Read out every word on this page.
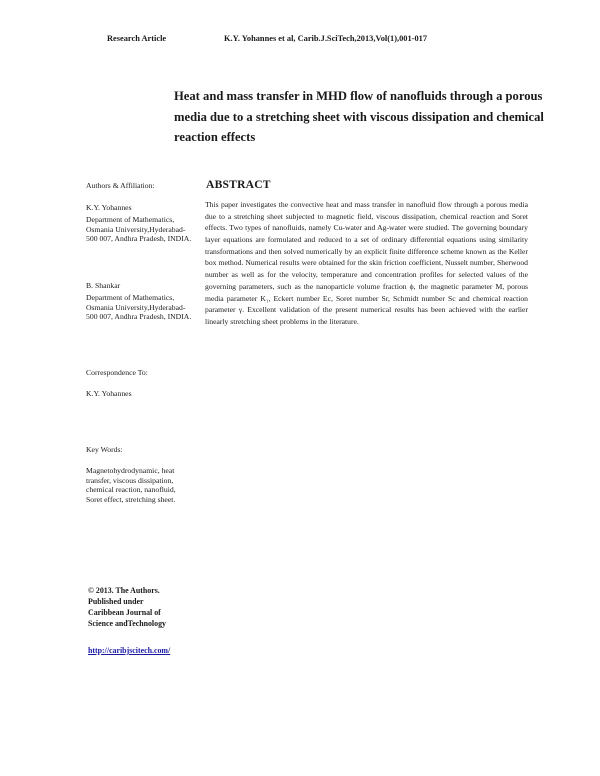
Research Article	K.Y. Yohannes et al, Carib.J.SciTech,2013,Vol(1),001-017
Heat and mass transfer in MHD flow of nanofluids through a porous media due to a stretching sheet with viscous dissipation and chemical reaction effects
Authors & Affiliation:
K.Y. Yohannes
Department of Mathematics, Osmania University,Hyderabad-500 007, Andhra Pradesh, INDIA.
B. Shankar
Department of Mathematics, Osmania University,Hyderabad-500 007, Andhra Pradesh, INDIA.
Correspondence To:
K.Y. Yohannes
Key Words:
Magnetohydrodynamic, heat transfer, viscous dissipation, chemical reaction, nanofluid, Soret effect, stretching sheet.
© 2013. The Authors.
Published under
Caribbean Journal of
Science andTechnology
http://caribjscitech.com/
ABSTRACT
This paper investigates the convective heat and mass transfer in nanofluid flow through a porous media due to a stretching sheet subjected to magnetic field, viscous dissipation, chemical reaction and Soret effects. Two types of nanofluids, namely Cu-water and Ag-water were studied. The governing boundary layer equations are formulated and reduced to a set of ordinary differential equations using similarity transformations and then solved numerically by an explicit finite difference scheme known as the Keller box method. Numerical results were obtained for the skin friction coefficient, Nusselt number, Sherwood number as well as for the velocity, temperature and concentration profiles for selected values of the governing parameters, such as the nanoparticle volume fraction ϕ, the magnetic parameter M, porous media parameter K₁, Eckert number Ec, Soret number Sr, Schmidt number Sc and chemical reaction parameter γ. Excellent validation of the present numerical results has been achieved with the earlier linearly stretching sheet problems in the literature.
